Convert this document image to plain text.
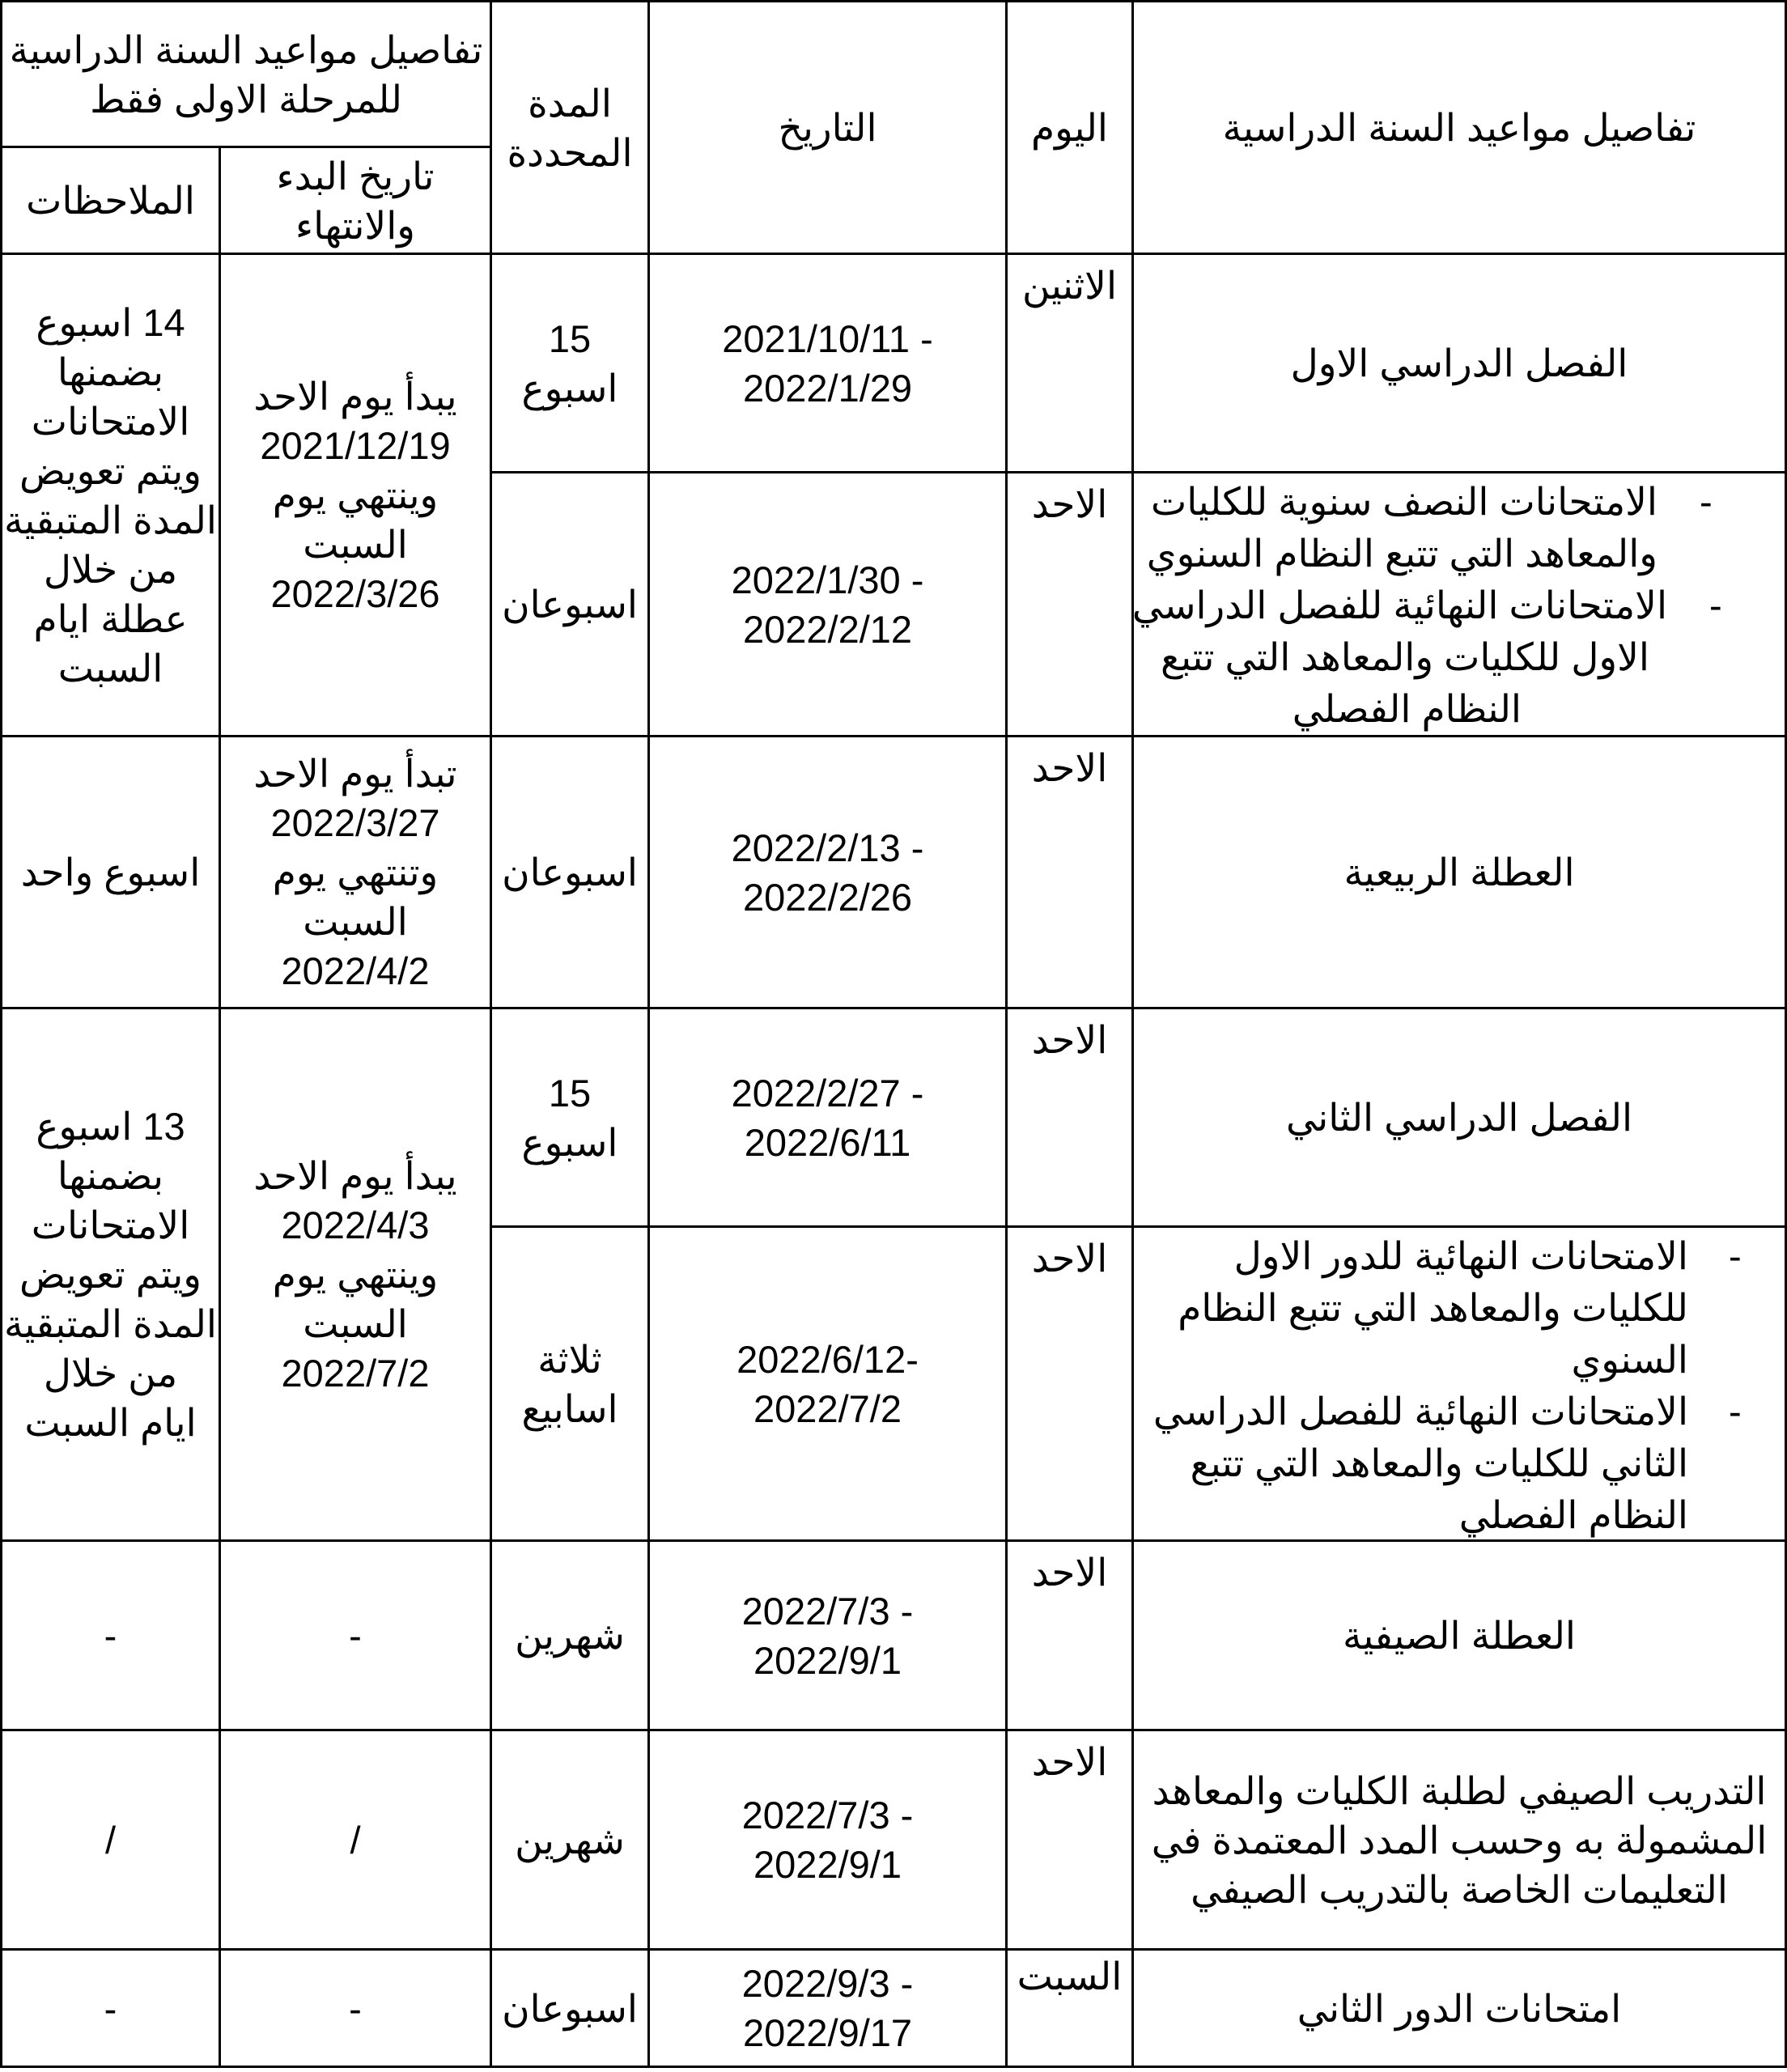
تفاصيل مواعيد السنة الدراسية
اليوم
التاريخ
المدة
المحددة
تفاصيل مواعيد السنة الدراسية
للمرحلة الاولى فقط
تاريخ البدء
والانتهاء
الملاحظات
الفصل الدراسي الاول
الاثنين
2021/10/11 -
2022/1/29
15
اسبوع
-
الامتحانات النصف سنوية للكليات
والمعاهد التي تتبع النظام السنوي
-
الامتحانات النهائية للفصل الدراسي
الاول للكليات والمعاهد التي تتبع
النظام الفصلي
الاحد
2022/1/30 -
2022/2/12
اسبوعان
يبدأ يوم الاحد
2021/12/19
وينتهي يوم
السبت
2022/3/26
14 اسبوع
بضمنها
الامتحانات
ويتم تعويض
المدة المتبقية
من خلال
عطلة ايام
السبت
العطلة الربيعية
الاحد
2022/2/13 -
2022/2/26
اسبوعان
تبدأ يوم الاحد
2022/3/27
وتنتهي يوم
السبت
2022/4/2
اسبوع واحد
الفصل الدراسي الثاني
الاحد
2022/2/27 -
2022/6/11
15
اسبوع
-
الامتحانات النهائية للدور الاول
للكليات والمعاهد التي تتبع النظام
السنوي
-
الامتحانات النهائية للفصل الدراسي
الثاني للكليات والمعاهد التي تتبع
النظام الفصلي
الاحد
2022/6/12-
2022/7/2
ثلاثة
اسابيع
يبدأ يوم الاحد
2022/4/3
وينتهي يوم
السبت
2022/7/2
13 اسبوع
بضمنها
الامتحانات
ويتم تعويض
المدة المتبقية
من خلال
ايام السبت
العطلة الصيفية
الاحد
2022/7/3 -
2022/9/1
شهرين
-
-
التدريب الصيفي لطلبة الكليات والمعاهد
المشمولة به وحسب المدد المعتمدة في
التعليمات الخاصة بالتدريب الصيفي
الاحد
2022/7/3 -
2022/9/1
شهرين
/
/
امتحانات الدور الثاني
السبت
2022/9/3 -
2022/9/17
اسبوعان
-
-
